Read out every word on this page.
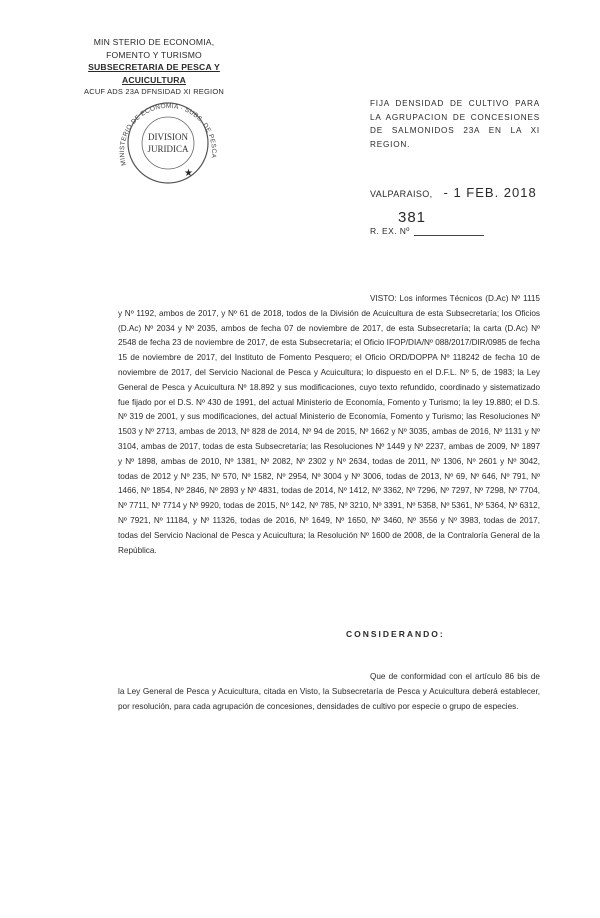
MIN STERIO DE ECONOMIA,
FOMENTO Y TURISMO
SUBSECRETARIA DE PESCA Y ACUICULTURA
ACUF ADS 23A DFNSIDAD XI REGION
MINISTERIO DE ECONOMIA · SUBS. DE PESCA
DIVISION
JURIDICA
★
FIJA DENSIDAD DE CULTIVO PARA LA AGRUPACION DE CONCESIONES DE SALMONIDOS 23A EN LA XI REGION.
VALPARAISO, - 1 FEB. 2018
381
R. EX. Nº
VISTO: Los informes Técnicos (D.Ac) Nº 1115 y Nº 1192, ambos de 2017, y Nº 61 de 2018, todos de la División de Acuicultura de esta Subsecretaría; los Oficios (D.Ac) Nº 2034 y Nº 2035, ambos de fecha 07 de noviembre de 2017, de esta Subsecretaría; la carta (D.Ac) Nº 2548 de fecha 23 de noviembre de 2017, de esta Subsecretaría; el Oficio IFOP/DIA/Nº 088/2017/DIR/0985 de fecha 15 de noviembre de 2017, del Instituto de Fomento Pesquero; el Oficio ORD/DOPPA Nº 118242 de fecha 10 de noviembre de 2017, del Servicio Nacional de Pesca y Acuicultura; lo dispuesto en el D.F.L. Nº 5, de 1983; la Ley General de Pesca y Acuicultura Nº 18.892 y sus modificaciones, cuyo texto refundido, coordinado y sistematizado fue fijado por el D.S. Nº 430 de 1991, del actual Ministerio de Economía, Fomento y Turismo; la ley 19.880; el D.S. Nº 319 de 2001, y sus modificaciones, del actual Ministerio de Economía, Fomento y Turismo; las Resoluciones Nº 1503 y Nº 2713, ambas de 2013, Nº 828 de 2014, Nº 94 de 2015, Nº 1662 y Nº 3035, ambas de 2016, Nº 1131 y Nº 3104, ambas de 2017, todas de esta Subsecretaría; las Resoluciones Nº 1449 y Nº 2237, ambas de 2009, Nº 1897 y Nº 1898, ambas de 2010, Nº 1381, Nº 2082, Nº 2302 y Nº 2634, todas de 2011, Nº 1306, Nº 2601 y Nº 3042, todas de 2012 y Nº 235, Nº 570, Nº 1582, Nº 2954, Nº 3004 y Nº 3006, todas de 2013, Nº 69, Nº 646, Nº 791, Nº 1466, Nº 1854, Nº 2846, Nº 2893 y Nº 4831, todas de 2014, Nº 1412, Nº 3362, Nº 7296, Nº 7297, Nº 7298, Nº 7704, Nº 7711, Nº 7714 y Nº 9920, todas de 2015, Nº 142, Nº 785, Nº 3210, Nº 3391, Nº 5358, Nº 5361, Nº 5364, Nº 6312, Nº 7921, Nº 11184, y Nº 11326, todas de 2016, Nº 1649, Nº 1650, Nº 3460, Nº 3556 y Nº 3983, todas de 2017, todas del Servicio Nacional de Pesca y Acuicultura; la Resolución Nº 1600 de 2008, de la Contraloría General de la República.
CONSIDERANDO:
Que de conformidad con el artículo 86 bis de la Ley General de Pesca y Acuicultura, citada en Visto, la Subsecretaría de Pesca y Acuicultura deberá establecer, por resolución, para cada agrupación de concesiones, densidades de cultivo por especie o grupo de especies.
